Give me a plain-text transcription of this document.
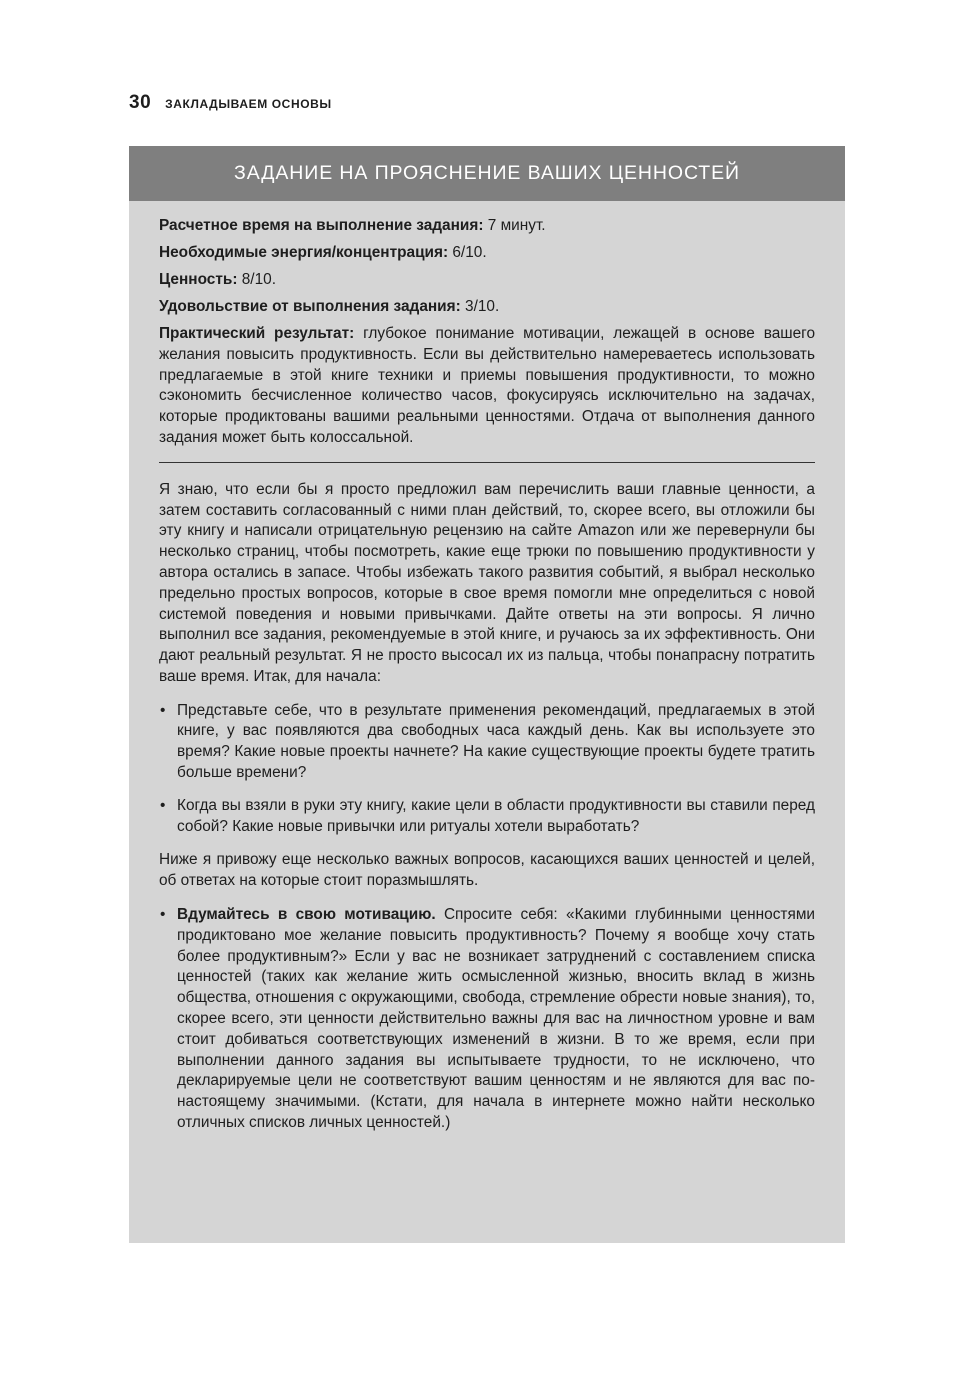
30 ЗАКЛАДЫВАЕМ ОСНОВЫ
ЗАДАНИЕ НА ПРОЯСНЕНИЕ ВАШИХ ЦЕННОСТЕЙ

Расчетное время на выполнение задания: 7 минут.

Необходимые энергия/концентрация: 6/10.

Ценность: 8/10.

Удовольствие от выполнения задания: 3/10.

Практический результат: глубокое понимание мотивации, лежащей в основе вашего желания повысить продуктивность. Если вы действительно намереваетесь использовать предлагаемые в этой книге техники и приемы повышения продуктивности, то можно сэкономить бесчисленное количество часов, фокусируясь исключительно на задачах, которые продиктованы вашими реальными ценностями. Отдача от выполнения данного задания может быть колоссальной.

Я знаю, что если бы я просто предложил вам перечислить ваши главные ценности, а затем составить согласованный с ними план действий, то, скорее всего, вы отложили бы эту книгу и написали отрицательную рецензию на сайте Amazon или же перевернули бы несколько страниц, чтобы посмотреть, какие еще трюки по повышению продуктивности у автора остались в запасе. Чтобы избежать такого развития событий, я выбрал несколько предельно простых вопросов, которые в свое время помогли мне определиться с новой системой поведения и новыми привычками. Дайте ответы на эти вопросы. Я лично выполнил все задания, рекомендуемые в этой книге, и ручаюсь за их эффективность. Они дают реальный результат. Я не просто высосал их из пальца, чтобы понапрасну потратить ваше время. Итак, для начала:

• Представьте себе, что в результате применения рекомендаций, предлагаемых в этой книге, у вас появляются два свободных часа каждый день. Как вы используете это время? Какие новые проекты начнете? На какие существующие проекты будете тратить больше времени?
• Когда вы взяли в руки эту книгу, какие цели в области продуктивности вы ставили перед собой? Какие новые привычки или ритуалы хотели выработать?

Ниже я привожу еще несколько важных вопросов, касающихся ваших ценностей и целей, об ответах на которые стоит поразмышлять.

• Вдумайтесь в свою мотивацию. Спросите себя: «Какими глубинными ценностями продиктовано мое желание повысить продуктивность? Почему я вообще хочу стать более продуктивным?» Если у вас не возникает затруднений с составлением списка ценностей (таких как желание жить осмысленной жизнью, вносить вклад в жизнь общества, отношения с окружающими, свобода, стремление обрести новые знания), то, скорее всего, эти ценности действительно важны для вас на личностном уровне и вам стоит добиваться соответствующих изменений в жизни. В то же время, если при выполнении данного задания вы испытываете трудности, то не исключено, что декларируемые цели не соответствуют вашим ценностям и не являются для вас по-настоящему значимыми. (Кстати, для начала в интернете можно найти несколько отличных списков личных ценностей.)
